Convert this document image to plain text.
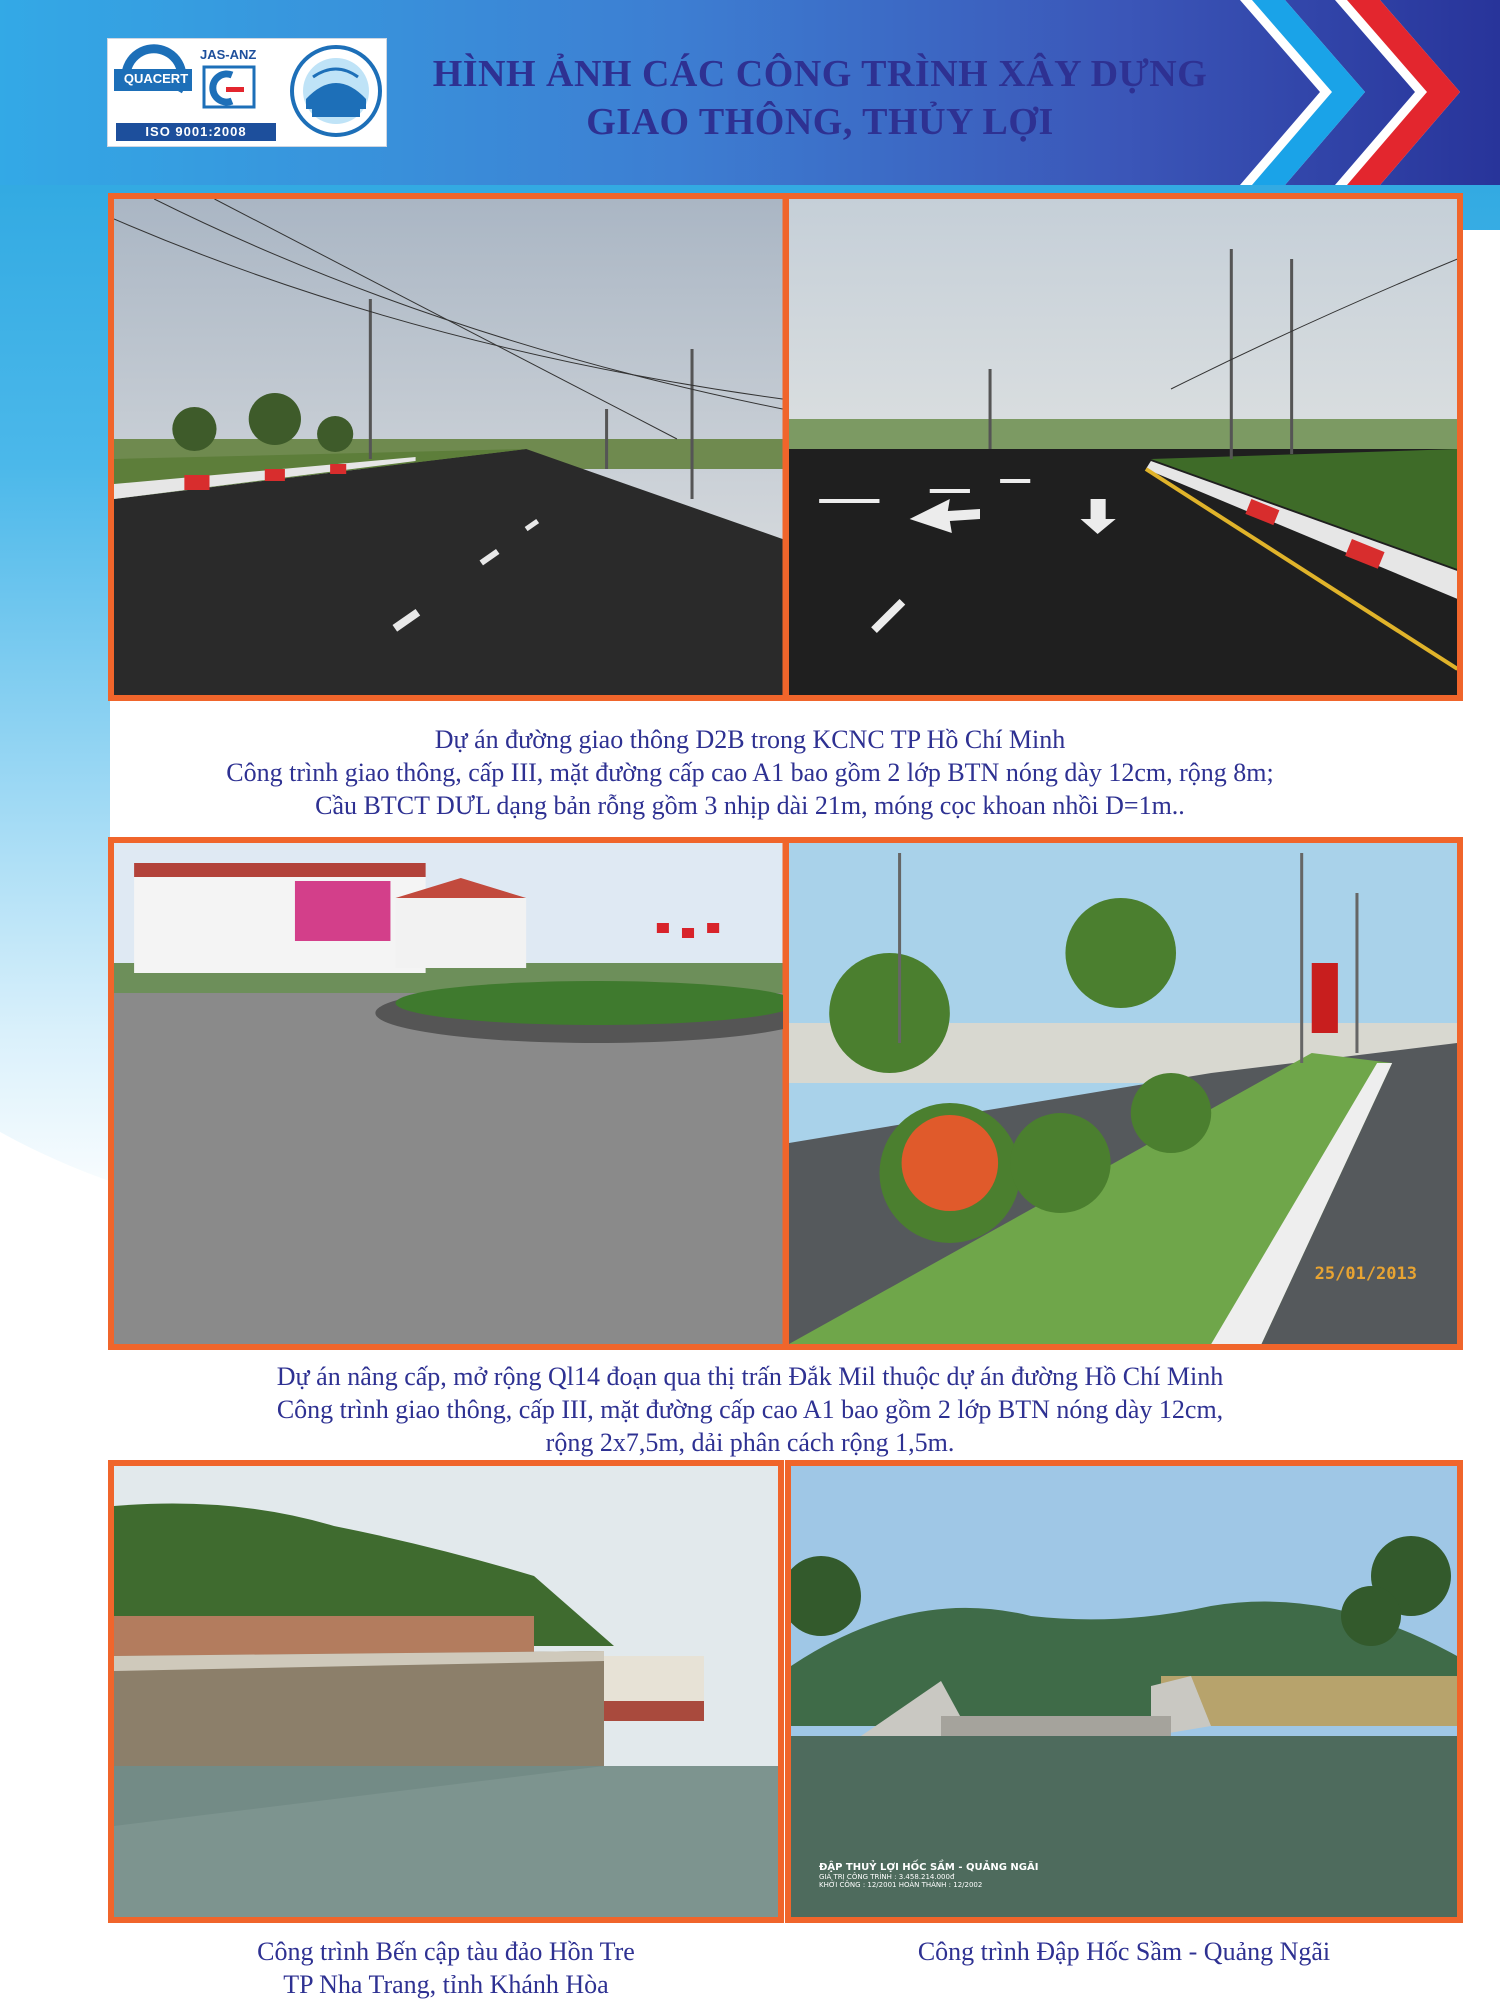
QUACERT
JAS-ANZ
ISO 9001:2008
HÌNH ẢNH CÁC CÔNG TRÌNH XÂY DỰNG
GIAO THÔNG, THỦY LỢI
Dự án đường giao thông D2B trong KCNC TP Hồ Chí Minh
Công trình giao thông, cấp III, mặt đường cấp cao A1 bao gồm 2 lớp BTN nóng dày 12cm, rộng 8m;
Cầu BTCT DƯL dạng bản rỗng gồm 3 nhịp dài 21m, móng cọc khoan nhồi D=1m..
25/01/2013
Dự án nâng cấp, mở rộng Ql14 đoạn qua thị trấn Đắk Mil thuộc dự án đường Hồ Chí Minh
Công trình giao thông, cấp III, mặt đường cấp cao A1 bao gồm 2 lớp BTN nóng dày 12cm,
rộng 2x7,5m, dải phân cách rộng 1,5m.
ĐẬP THUỶ LỢI HỐC SẦM - QUẢNG NGÃI
GIÁ TRỊ CÔNG TRÌNH : 3.458.214.000đ
KHỞI CÔNG : 12/2001 HOÀN THÀNH : 12/2002
Công trình Bến cập tàu đảo Hồn Tre
TP Nha Trang, tỉnh Khánh Hòa
Công trình Đập Hốc Sầm - Quảng Ngãi
